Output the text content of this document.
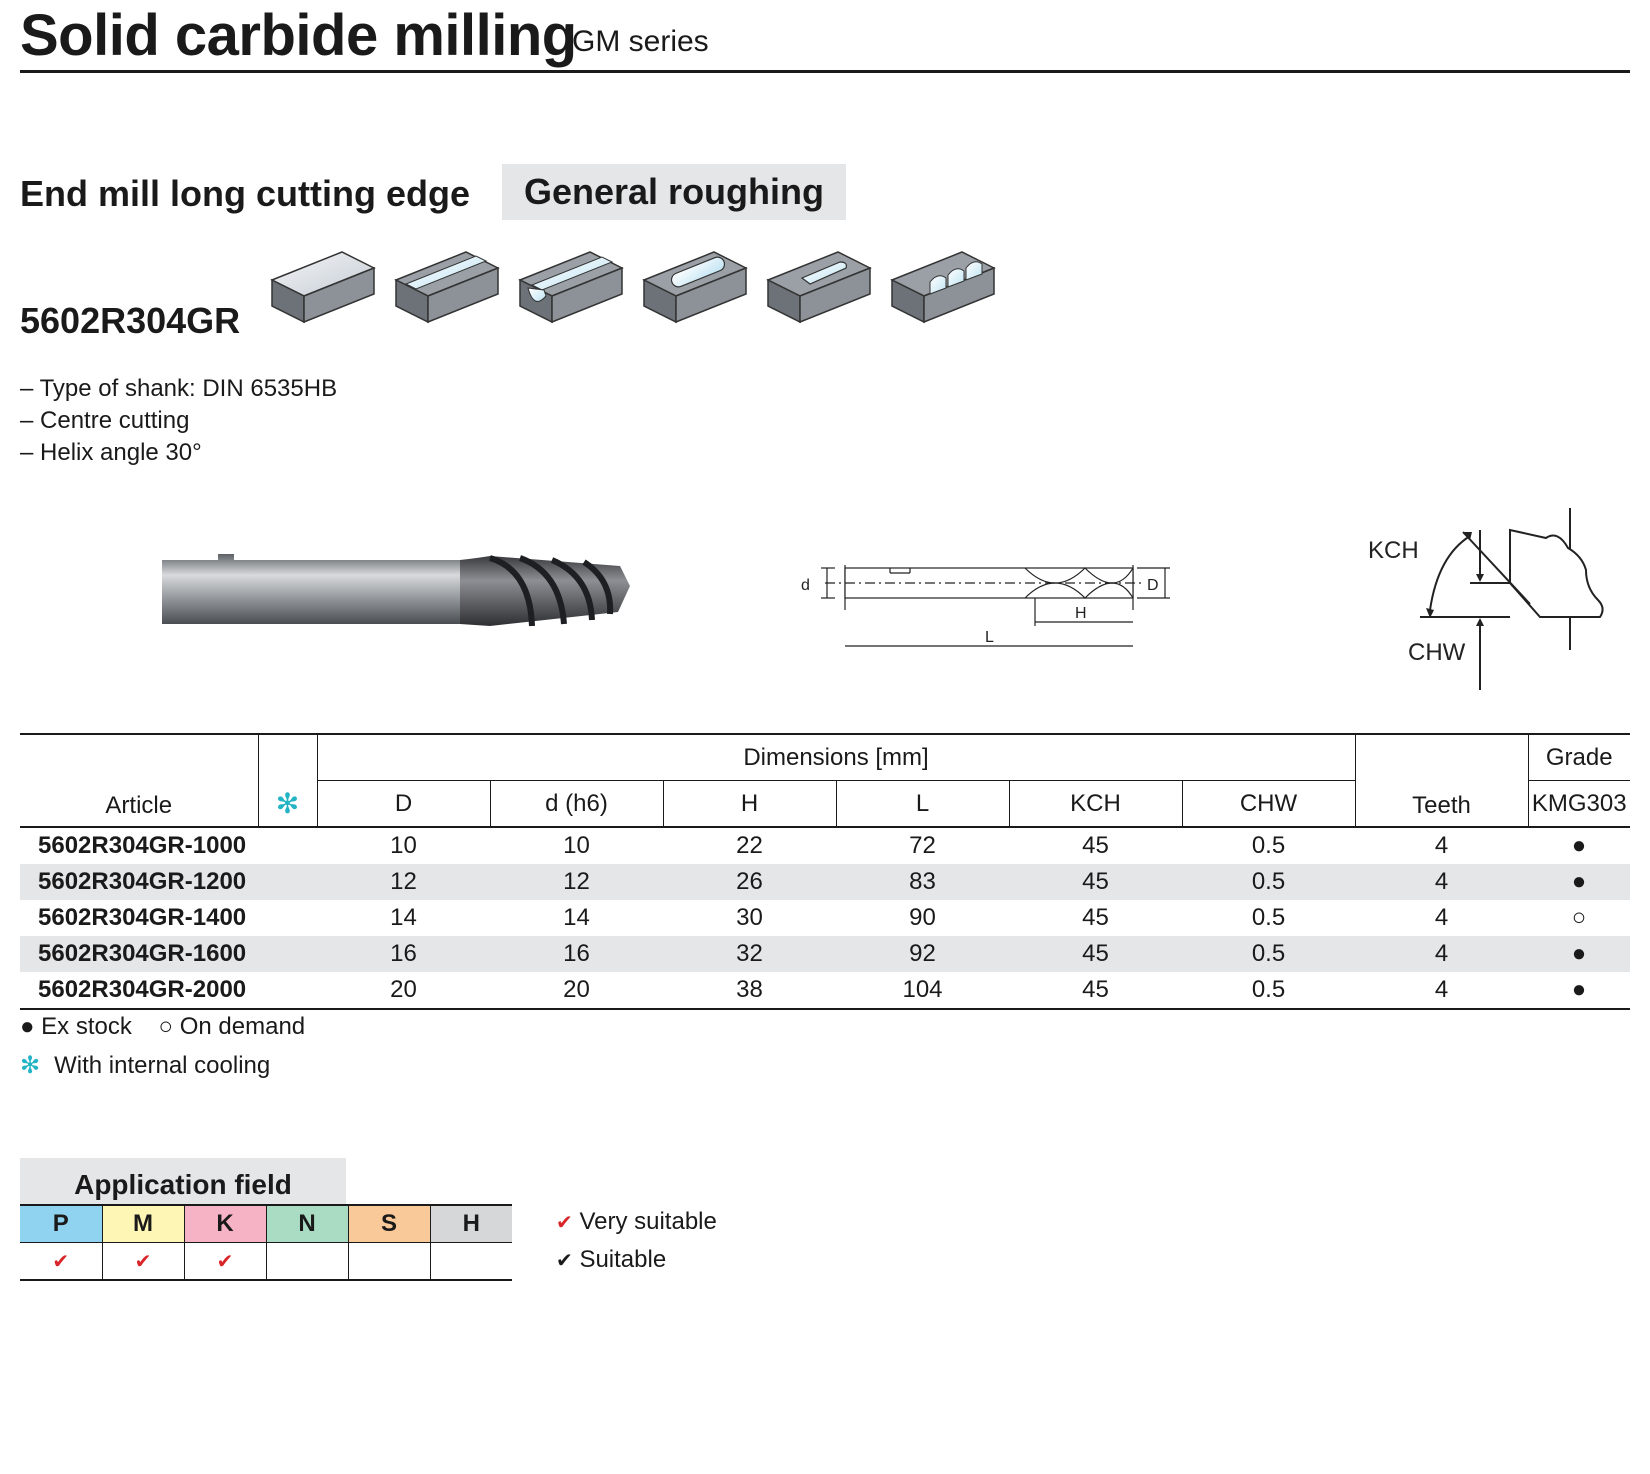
Solid carbide milling
GM series
End mill long cutting edge	General roughing
5602R304GR
– Type of shank: DIN 6535HB
– Centre cutting
– Helix angle 30°
d	D
H
L
KCH
CHW
Article	✻	Dimensions [mm]						Teeth	Grade
		D	d (h6)	H	L	KCH	CHW		KMG303
5602R304GR-1000		10	10	22	72	45	0.5	4	●
5602R304GR-1200		12	12	26	83	45	0.5	4	●
5602R304GR-1400		14	14	30	90	45	0.5	4	○
5602R304GR-1600		16	16	32	92	45	0.5	4	●
5602R304GR-2000		20	20	38	104	45	0.5	4	●
● Ex stock ○ On demand
✻ With internal cooling
Application field
P	M	K	N	S	H
✔	✔	✔			
✔ Very suitable
✔ Suitable
